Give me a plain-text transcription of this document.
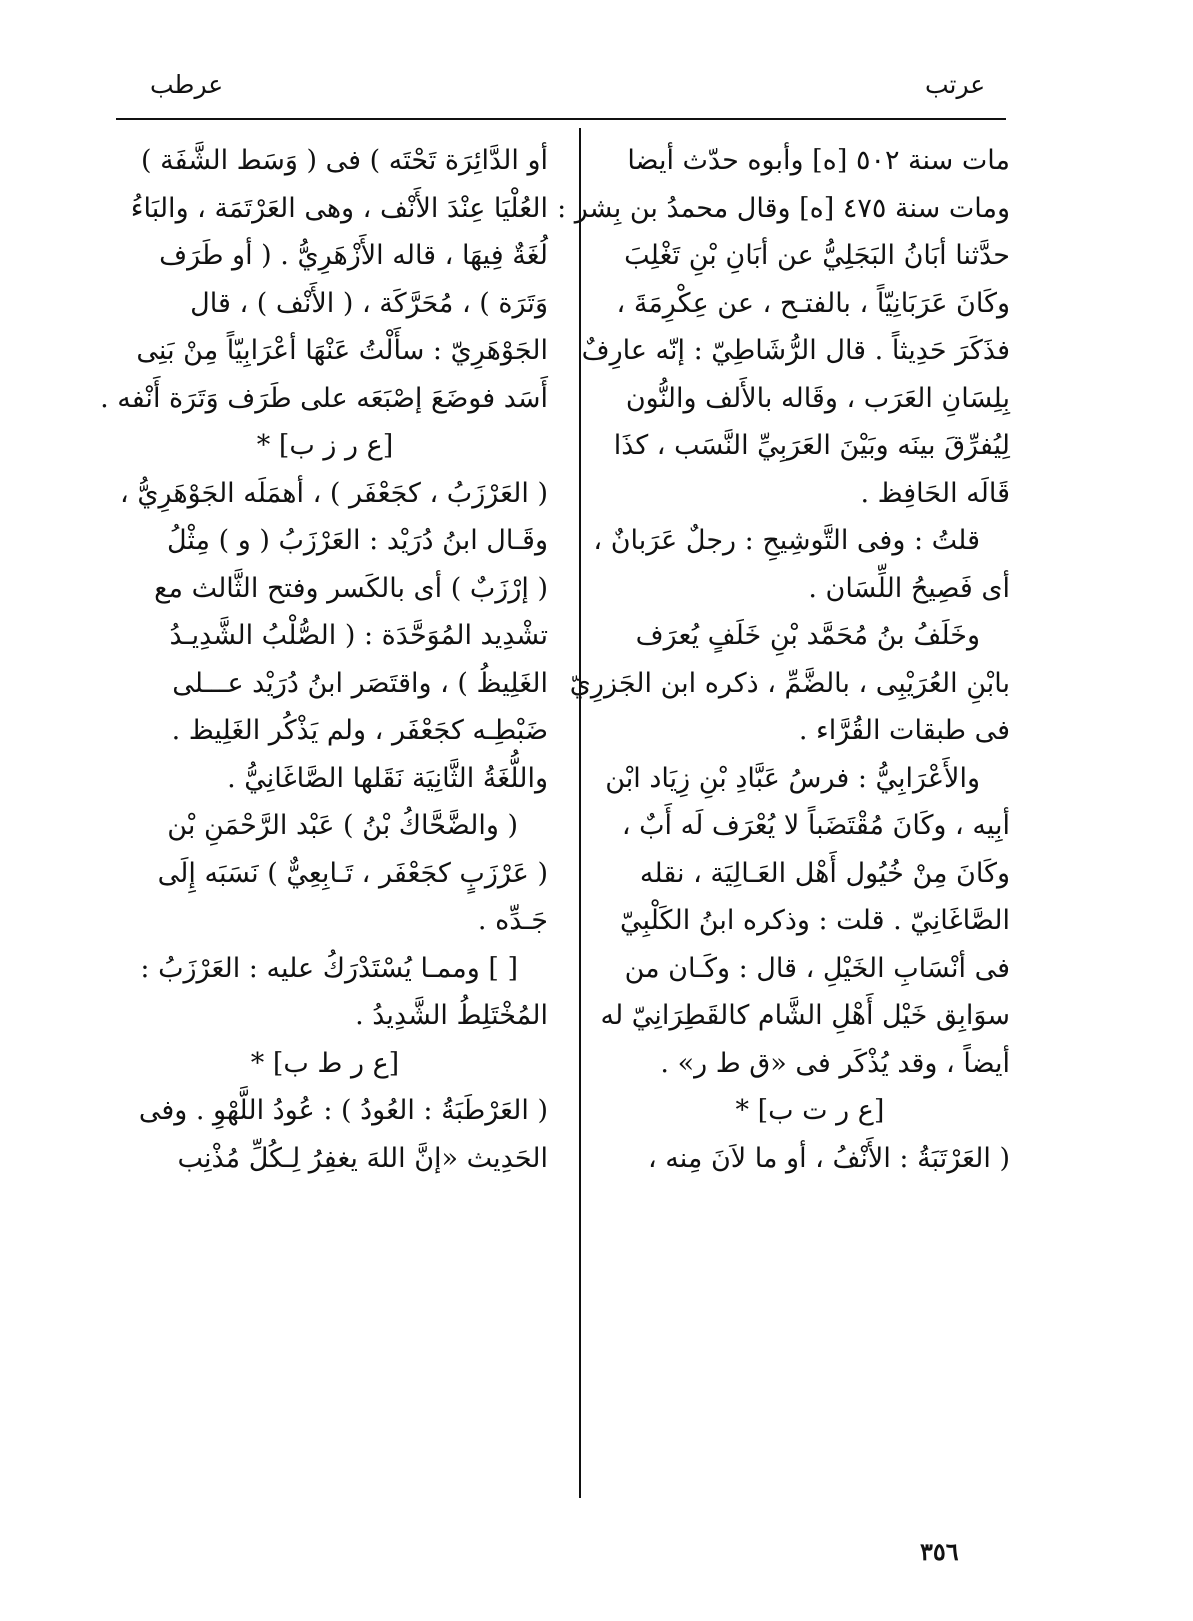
عرتب
عرطب
مات سنة ٥٠٢ [ه] وأبوه حدّث أيضا
ومات سنة ٤٧٥ [ه] وقال محمدُ بن بِشر :
حدَّثنا أبَانُ البَجَلِيُّ عن أبَانِ بْنِ تَغْلِبَ
وكَانَ عَرَبَانِيّاً ، بالفتـح ، عن عِكْرِمَةَ ،
فذَكَرَ حَدِيثاً . قال الرُّشَاطِيّ : إنّه عارِفٌ
بِلِسَانِ العَرَب ، وقَاله بالأَلف والنُّون
لِيُفرِّقَ بينَه وبَيْنَ العَرَبِيِّ النَّسَب ، كذَا
قَالَه الحَافِظ .
قلتُ : وفى التَّوشِيحِ : رجلٌ عَرَبانٌ ،
أى فَصِيحُ اللِّسَان .
وخَلَفُ بنُ مُحَمَّد بْنِ خَلَفٍ يُعرَف
بابْنِ العُرَيْبِى ، بالضَّمِّ ، ذكره ابن الجَزرِيّ
فى طبقات القُرَّاء .
والأَعْرَابِيُّ : فرسُ عَبَّادِ بْنِ زِيَاد ابْن
أبِيه ، وكَانَ مُقْتَضَباً لا يُعْرَف لَه أَبٌ ،
وكَانَ مِنْ خُيُول أَهْل العَـالِيَة ، نقله
الصَّاغَانِيّ . قلت : وذكره ابنُ الكَلْبِيّ
فى أنْسَابِ الخَيْلِ ، قال : وكَـان من
سوَابِق خَيْل أَهْلِ الشَّام كالقَطِرَانِيّ له
أيضاً ، وقد يُذْكَر فى «ق ط ر» .
[ع ر ت ب] *
( العَرْتَبَةُ : الأَنْفُ ، أو ما لاَنَ مِنه ،
أو الدَّائِرَة تَحْتَه ) فى ( وَسَط الشَّفَة )
العُلْيَا عِنْدَ الأَنْف ، وهى العَرْتَمَة ، والبَاءُ
لُغَةٌ فِيهَا ، قاله الأَزْهَرِيُّ . ( أو طَرَف
وَتَرَة ) ، مُحَرَّكَة ، ( الأَنْف ) ، قال
الجَوْهَرِيّ : سأَلْتُ عَنْهَا أعْرَابِيّاً مِنْ بَنِى
أَسَد فوضَعَ إصْبَعَه على طَرَف وَتَرَة أَنْفه .
[ع ر ز ب] *
( العَرْزَبُ ، كجَعْفَر ) ، أهمَلَه الجَوْهَرِيُّ ،
وقَـال ابنُ دُرَيْد : العَرْزَبُ ( و ) مِثْلُ
( إرْزَبٌ ) أى بالكَسر وفتح الثَّالث مع
تشْدِيد المُوَحَّدَة : ( الصُّلْبُ الشَّدِيـدُ
الغَلِيظُ ) ، واقتَصَر ابنُ دُرَيْد عـــلى
ضَبْطِـه كجَعْفَر ، ولم يَذْكُر الغَلِيظ .
واللُّغَةُ الثَّانِيَة نَقَلها الصَّاغَانِيُّ .
( والضَّحَّاكُ بْنُ ) عَبْد الرَّحْمَنِ بْن
( عَرْزَبٍ كجَعْفَر ، تَـابِعِيٌّ ) نَسَبَه إِلَى
جَـدِّه .
[ ] وممـا يُسْتَدْرَكُ عليه : العَرْزَبُ :
المُخْتَلِطُ الشَّدِيدُ .
[ع ر ط ب] *
( العَرْطَبَةُ : العُودُ ) : عُودُ اللَّهْوِ . وفى
الحَدِيث «إنَّ اللهَ يغفِرُ لِـكُلِّ مُذْنِب
٣٥٦
